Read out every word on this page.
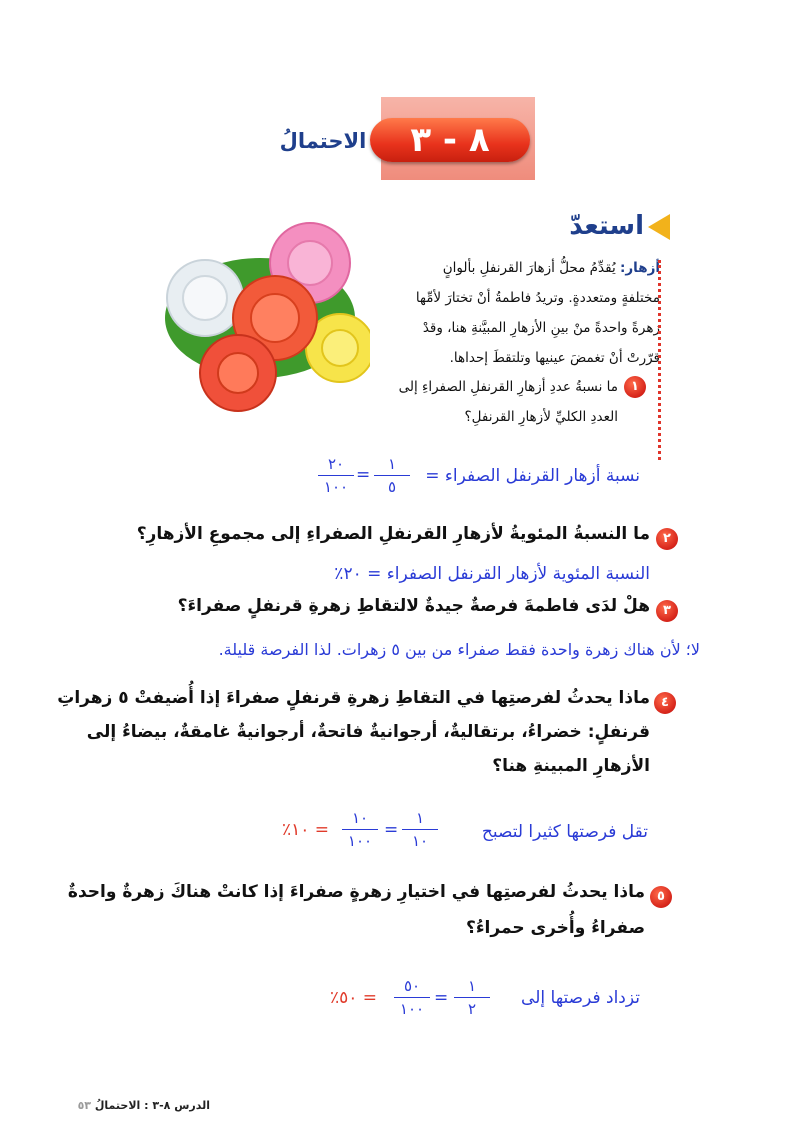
٨ - ٣
الاحتمالُ
استعدّ
أزهار: يُقدِّمُ محلُّ أزهارَ القرنفلِ بألوانٍ
مختلفةٍ ومتعددةٍ. وتريدُ فاطمةُ أنْ تختارَ لأمِّها
زهرةً واحدةً منْ بينِ الأزهارِ المبيَّنةِ هنا، وقدْ
قرّرتْ أنْ تغمضَ عينيها وتلتقطَ إحداها.
١
ما نسبةُ عددِ أزهارِ القرنفلِ الصفراءِ إلى
العددِ الكليِّ لأزهارِ القرنفلِ؟
نسبة أزهار القرنفل الصفراء =
١
٥
=
٢٠
١٠٠
٢
ما النسبةُ المئويةُ لأزهارِ القرنفلِ الصفراءِ إلى مجموعِ الأزهارِ؟
النسبة المئوية لأزهار القرنفل الصفراء = ٢٠٪
٣
هلْ لدَى فاطمةَ فرصةٌ جيدةٌ لالتقاطِ زهرةِ قرنفلٍ صفراءَ؟
لا؛ لأن هناك زهرة واحدة فقط صفراء من بين ٥ زهرات. لذا الفرصة قليلة.
٤
ماذا يحدثُ لفرصتِها في التقاطِ زهرةِ قرنفلٍ صفراءَ إذا أُضيفتْ ٥ زهراتِ
قرنفلٍ: خضراءُ، برتقاليةٌ، أرجوانيةٌ فاتحةٌ، أرجوانيةٌ غامقةٌ، بيضاءُ إلى
الأزهارِ المبينةِ هنا؟
تقل فرصتها كثيرا لتصبح
١
١٠
=
١٠
١٠٠
= ١٠٪
٥
ماذا يحدثُ لفرصتِها في اختيارِ زهرةٍ صفراءَ إذا كانتْ هناكَ زهرةٌ واحدةٌ
صفراءُ وأُخرى حمراءُ؟
تزداد فرصتها إلى
١
٢
=
٥٠
١٠٠
= ٥٠٪
الدرس ٨-٣ : الاحتمالُ ٥٣
